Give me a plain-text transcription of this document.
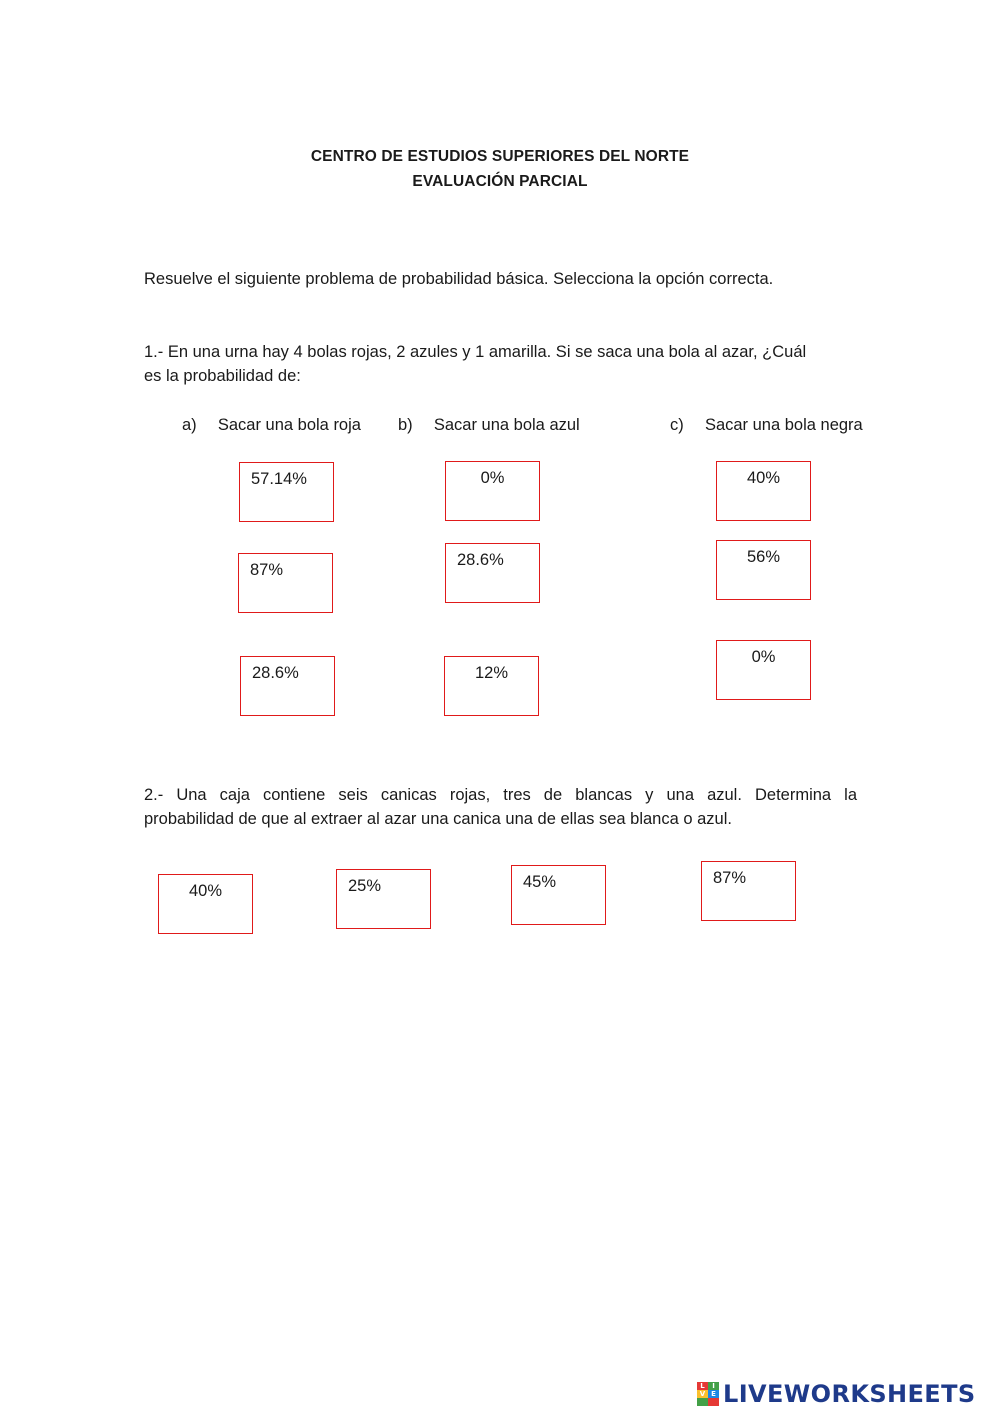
CENTRO DE ESTUDIOS SUPERIORES DEL NORTE
EVALUACIÓN PARCIAL
Resuelve el siguiente problema de probabilidad básica. Selecciona la opción correcta.
1.- En una urna hay 4 bolas rojas, 2 azules y 1 amarilla. Si se saca una bola al azar, ¿Cuál
es la probabilidad de:
a) Sacar una bola roja b) Sacar una bola azul	c) Sacar una bola negra
57.14%
87%
28.6%
0%
28.6%
12%
40%
56%
0%
2.- Una caja contiene seis canicas rojas, tres de blancas y una azul. Determina la
probabilidad de que al extraer al azar una canica una de ellas sea blanca o azul.
40%	25%	45%	87%
L	I
V E LIVEWORKSHEETS
